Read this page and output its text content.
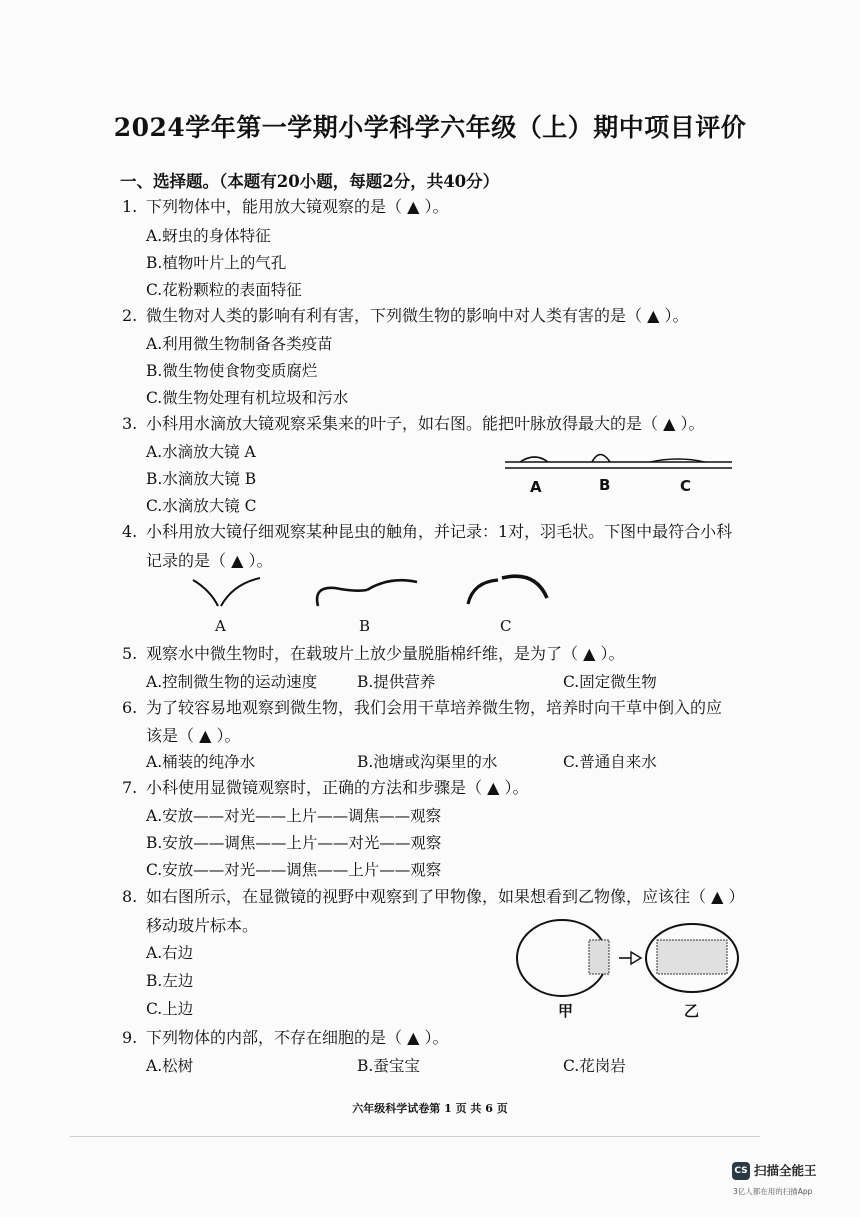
2024学年第一学期小学科学六年级（上）期中项目评价
一、选择题。（本题有20小题，每题2分，共40分）
1. 下列物体中，能用放大镜观察的是（ ▲ ）。
A.蚜虫的身体特征
B.植物叶片上的气孔
C.花粉颗粒的表面特征
2. 微生物对人类的影响有利有害，下列微生物的影响中对人类有害的是（ ▲ ）。
A.利用微生物制备各类疫苗
B.微生物使食物变质腐烂
C.微生物处理有机垃圾和污水
3. 小科用水滴放大镜观察采集来的叶子，如右图。能把叶脉放得最大的是（ ▲ ）。
A.水滴放大镜 A
B.水滴放大镜 B
C.水滴放大镜 C
A	B	C
4. 小科用放大镜仔细观察某种昆虫的触角，并记录：1对，羽毛状。下图中最符合小科
记录的是（ ▲ ）。
A	B	C
5. 观察水中微生物时，在载玻片上放少量脱脂棉纤维，是为了（ ▲ ）。
A.控制微生物的运动速度	B.提供营养	C.固定微生物
6. 为了较容易地观察到微生物，我们会用干草培养微生物，培养时向干草中倒入的应
该是（ ▲ ）。
A.桶装的纯净水	B.池塘或沟渠里的水	C.普通自来水
7. 小科使用显微镜观察时，正确的方法和步骤是（ ▲ ）。
A.安放——对光——上片——调焦——观察
B.安放——调焦——上片——对光——观察
C.安放——对光——调焦——上片——观察
8. 如右图所示，在显微镜的视野中观察到了甲物像，如果想看到乙物像，应该往（ ▲ ）
移动玻片标本。
A.右边
B.左边
C.上边	甲	乙
9. 下列物体的内部，不存在细胞的是（ ▲ ）。
A.松树	B.蚕宝宝	C.花岗岩
六年级科学试卷第 1 页 共 6 页
CS 扫描全能王
3亿人都在用的扫描App
